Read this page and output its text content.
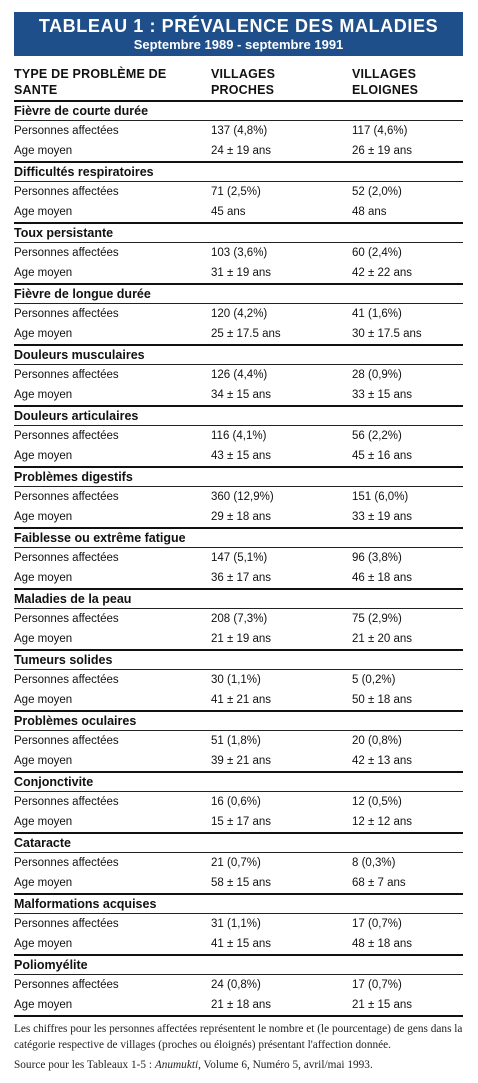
TABLEAU 1 : PRÉVALENCE DES MALADIES
Septembre 1989 - septembre 1991
TYPE DE PROBLÈME DE SANTE
VILLAGES PROCHES
VILLAGES ELOIGNES
Fièvre de courte durée
Personnes affectées	137 (4,8%)	117 (4,6%)
Age moyen	24 ± 19 ans	26 ± 19 ans
Difficultés respiratoires
Personnes affectées	71 (2,5%)	52 (2,0%)
Age moyen	45 ans	48 ans
Toux persistante
Personnes affectées	103 (3,6%)	60 (2,4%)
Age moyen	31 ± 19 ans	42 ± 22 ans
Fièvre de longue durée
Personnes affectées	120 (4,2%)	41 (1,6%)
Age moyen	25 ± 17.5 ans	30 ± 17.5 ans
Douleurs musculaires
Personnes affectées	126 (4,4%)	28 (0,9%)
Age moyen	34 ± 15 ans	33 ± 15 ans
Douleurs articulaires
Personnes affectées	116 (4,1%)	56 (2,2%)
Age moyen	43 ± 15 ans	45 ± 16 ans
Problèmes digestifs
Personnes affectées	360 (12,9%)	151 (6,0%)
Age moyen	29 ± 18 ans	33 ± 19 ans
Faiblesse ou extrême fatigue
Personnes affectées	147 (5,1%)	96 (3,8%)
Age moyen	36 ± 17 ans	46 ± 18 ans
Maladies de la peau
Personnes affectées	208 (7,3%)	75 (2,9%)
Age moyen	21 ± 19 ans	21 ± 20 ans
Tumeurs solides
Personnes affectées	30 (1,1%)	5 (0,2%)
Age moyen	41 ± 21 ans	50 ± 18 ans
Problèmes oculaires
Personnes affectées	51 (1,8%)	20 (0,8%)
Age moyen	39 ± 21 ans	42 ± 13 ans
Conjonctivite
Personnes affectées	16 (0,6%)	12 (0,5%)
Age moyen	15 ± 17 ans	12 ± 12 ans
Cataracte
Personnes affectées	21 (0,7%)	8 (0,3%)
Age moyen	58 ± 15 ans	68 ± 7 ans
Malformations acquises
Personnes affectées	31 (1,1%)	17 (0,7%)
Age moyen	41 ± 15 ans	48 ± 18 ans
Poliomyélite
Personnes affectées	24 (0,8%)	17 (0,7%)
Age moyen	21 ± 18 ans	21 ± 15 ans

Les chiffres pour les personnes affectées représentent le nombre et (le pourcentage) de gens dans la catégorie respective de villages (proches ou éloignés) présentant l'affection donnée.

Source pour les Tableaux 1-5 : Anumukti, Volume 6, Numéro 5, avril/mai 1993.
